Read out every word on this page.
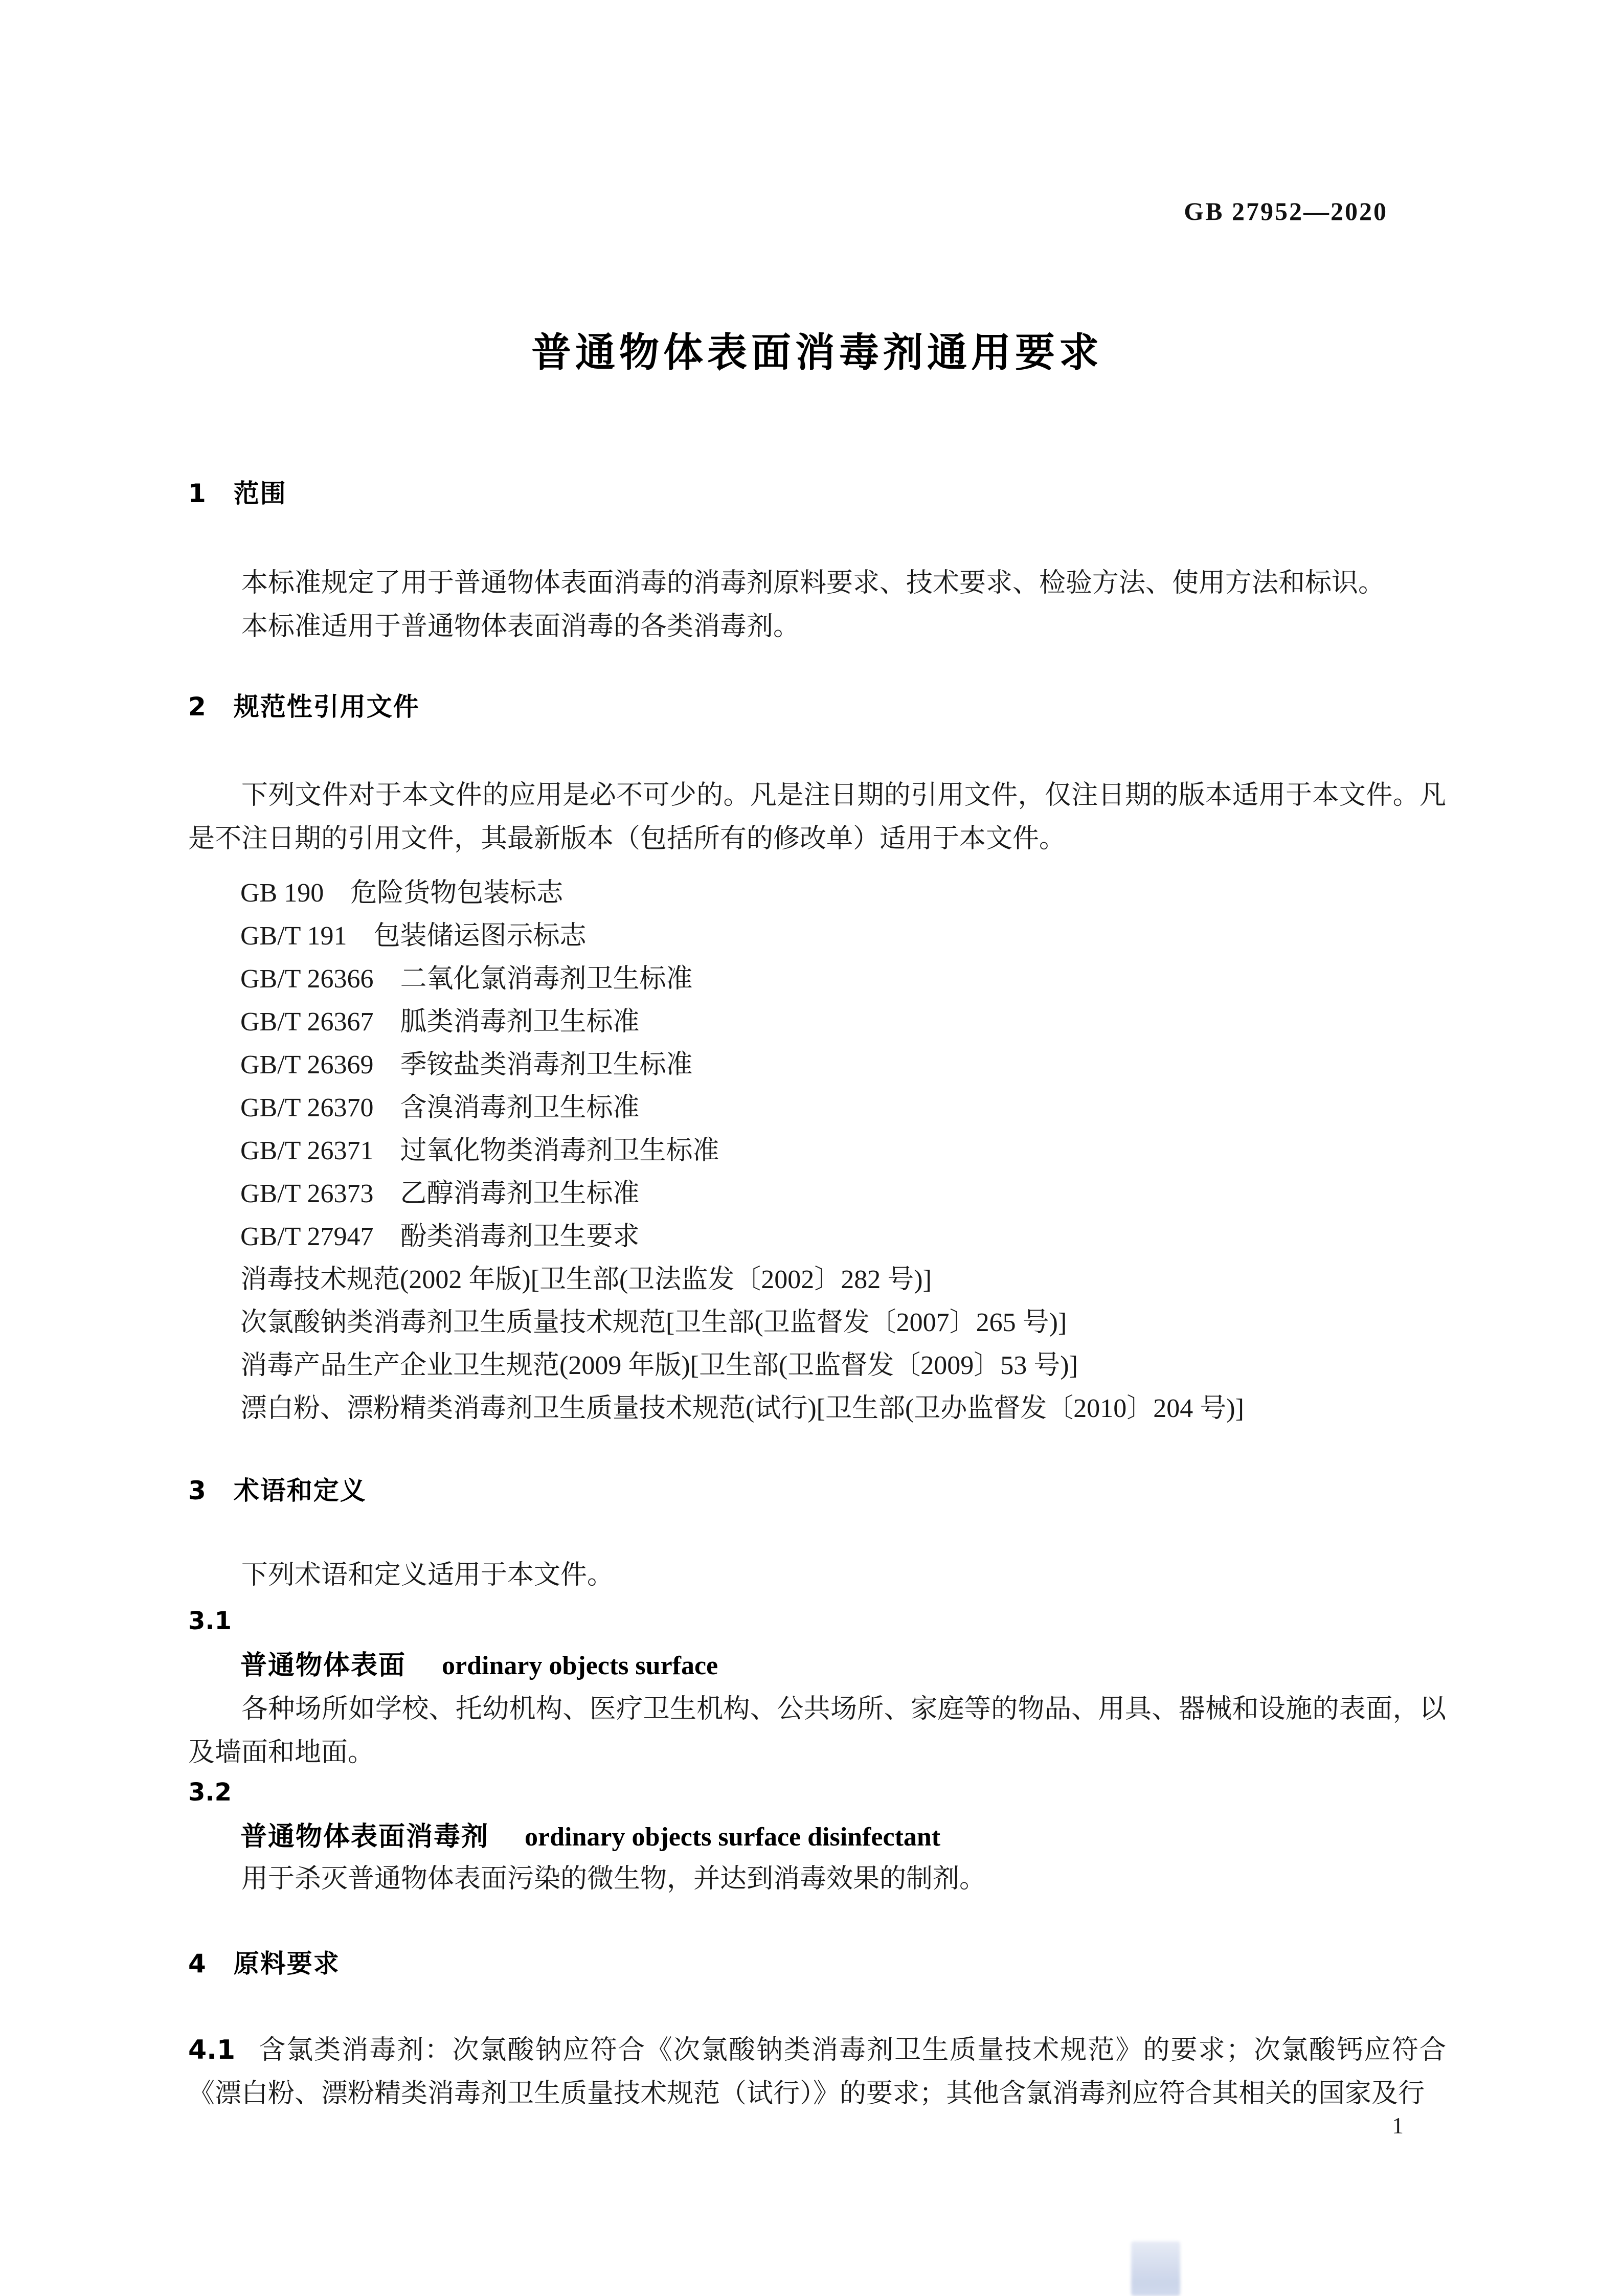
GB 27952—2020
普通物体表面消毒剂通用要求
1　范围

本标准规定了用于普通物体表面消毒的消毒剂原料要求、技术要求、检验方法、使用方法和标识。

本标准适用于普通物体表面消毒的各类消毒剂。

2　规范性引用文件
下列文件对于本文件的应用是必不可少的。凡是注日期的引用文件，仅注日期的版本适用于本文件。凡是不注日期的引用文件，其最新版本（包括所有的修改单）适用于本文件。
GB 190　危险货物包装标志
GB/T 191　包装储运图示标志
GB/T 26366　二氧化氯消毒剂卫生标准
GB/T 26367　胍类消毒剂卫生标准
GB/T 26369　季铵盐类消毒剂卫生标准
GB/T 26370　含溴消毒剂卫生标准
GB/T 26371　过氧化物类消毒剂卫生标准
GB/T 26373　乙醇消毒剂卫生标准
GB/T 27947　酚类消毒剂卫生要求
消毒技术规范(2002 年版)[卫生部(卫法监发〔2002〕282 号)]
次氯酸钠类消毒剂卫生质量技术规范[卫生部(卫监督发〔2007〕265 号)]
消毒产品生产企业卫生规范(2009 年版)[卫生部(卫监督发〔2009〕53 号)]
漂白粉、漂粉精类消毒剂卫生质量技术规范(试行)[卫生部(卫办监督发〔2010〕204 号)]
3　术语和定义
下列术语和定义适用于本文件。
3.1
普通物体表面 ordinary objects surface
各种场所如学校、托幼机构、医疗卫生机构、公共场所、家庭等的物品、用具、器械和设施的表面，以及墙面和地面。
3.2
普通物体表面消毒剂 ordinary objects surface disinfectant
用于杀灭普通物体表面污染的微生物，并达到消毒效果的制剂。
4　原料要求
4.1 含氯类消毒剂：次氯酸钠应符合《次氯酸钠类消毒剂卫生质量技术规范》的要求；次氯酸钙应符合《漂白粉、漂粉精类消毒剂卫生质量技术规范（试行）》的要求；其他含氯消毒剂应符合其相关的国家及行
1
